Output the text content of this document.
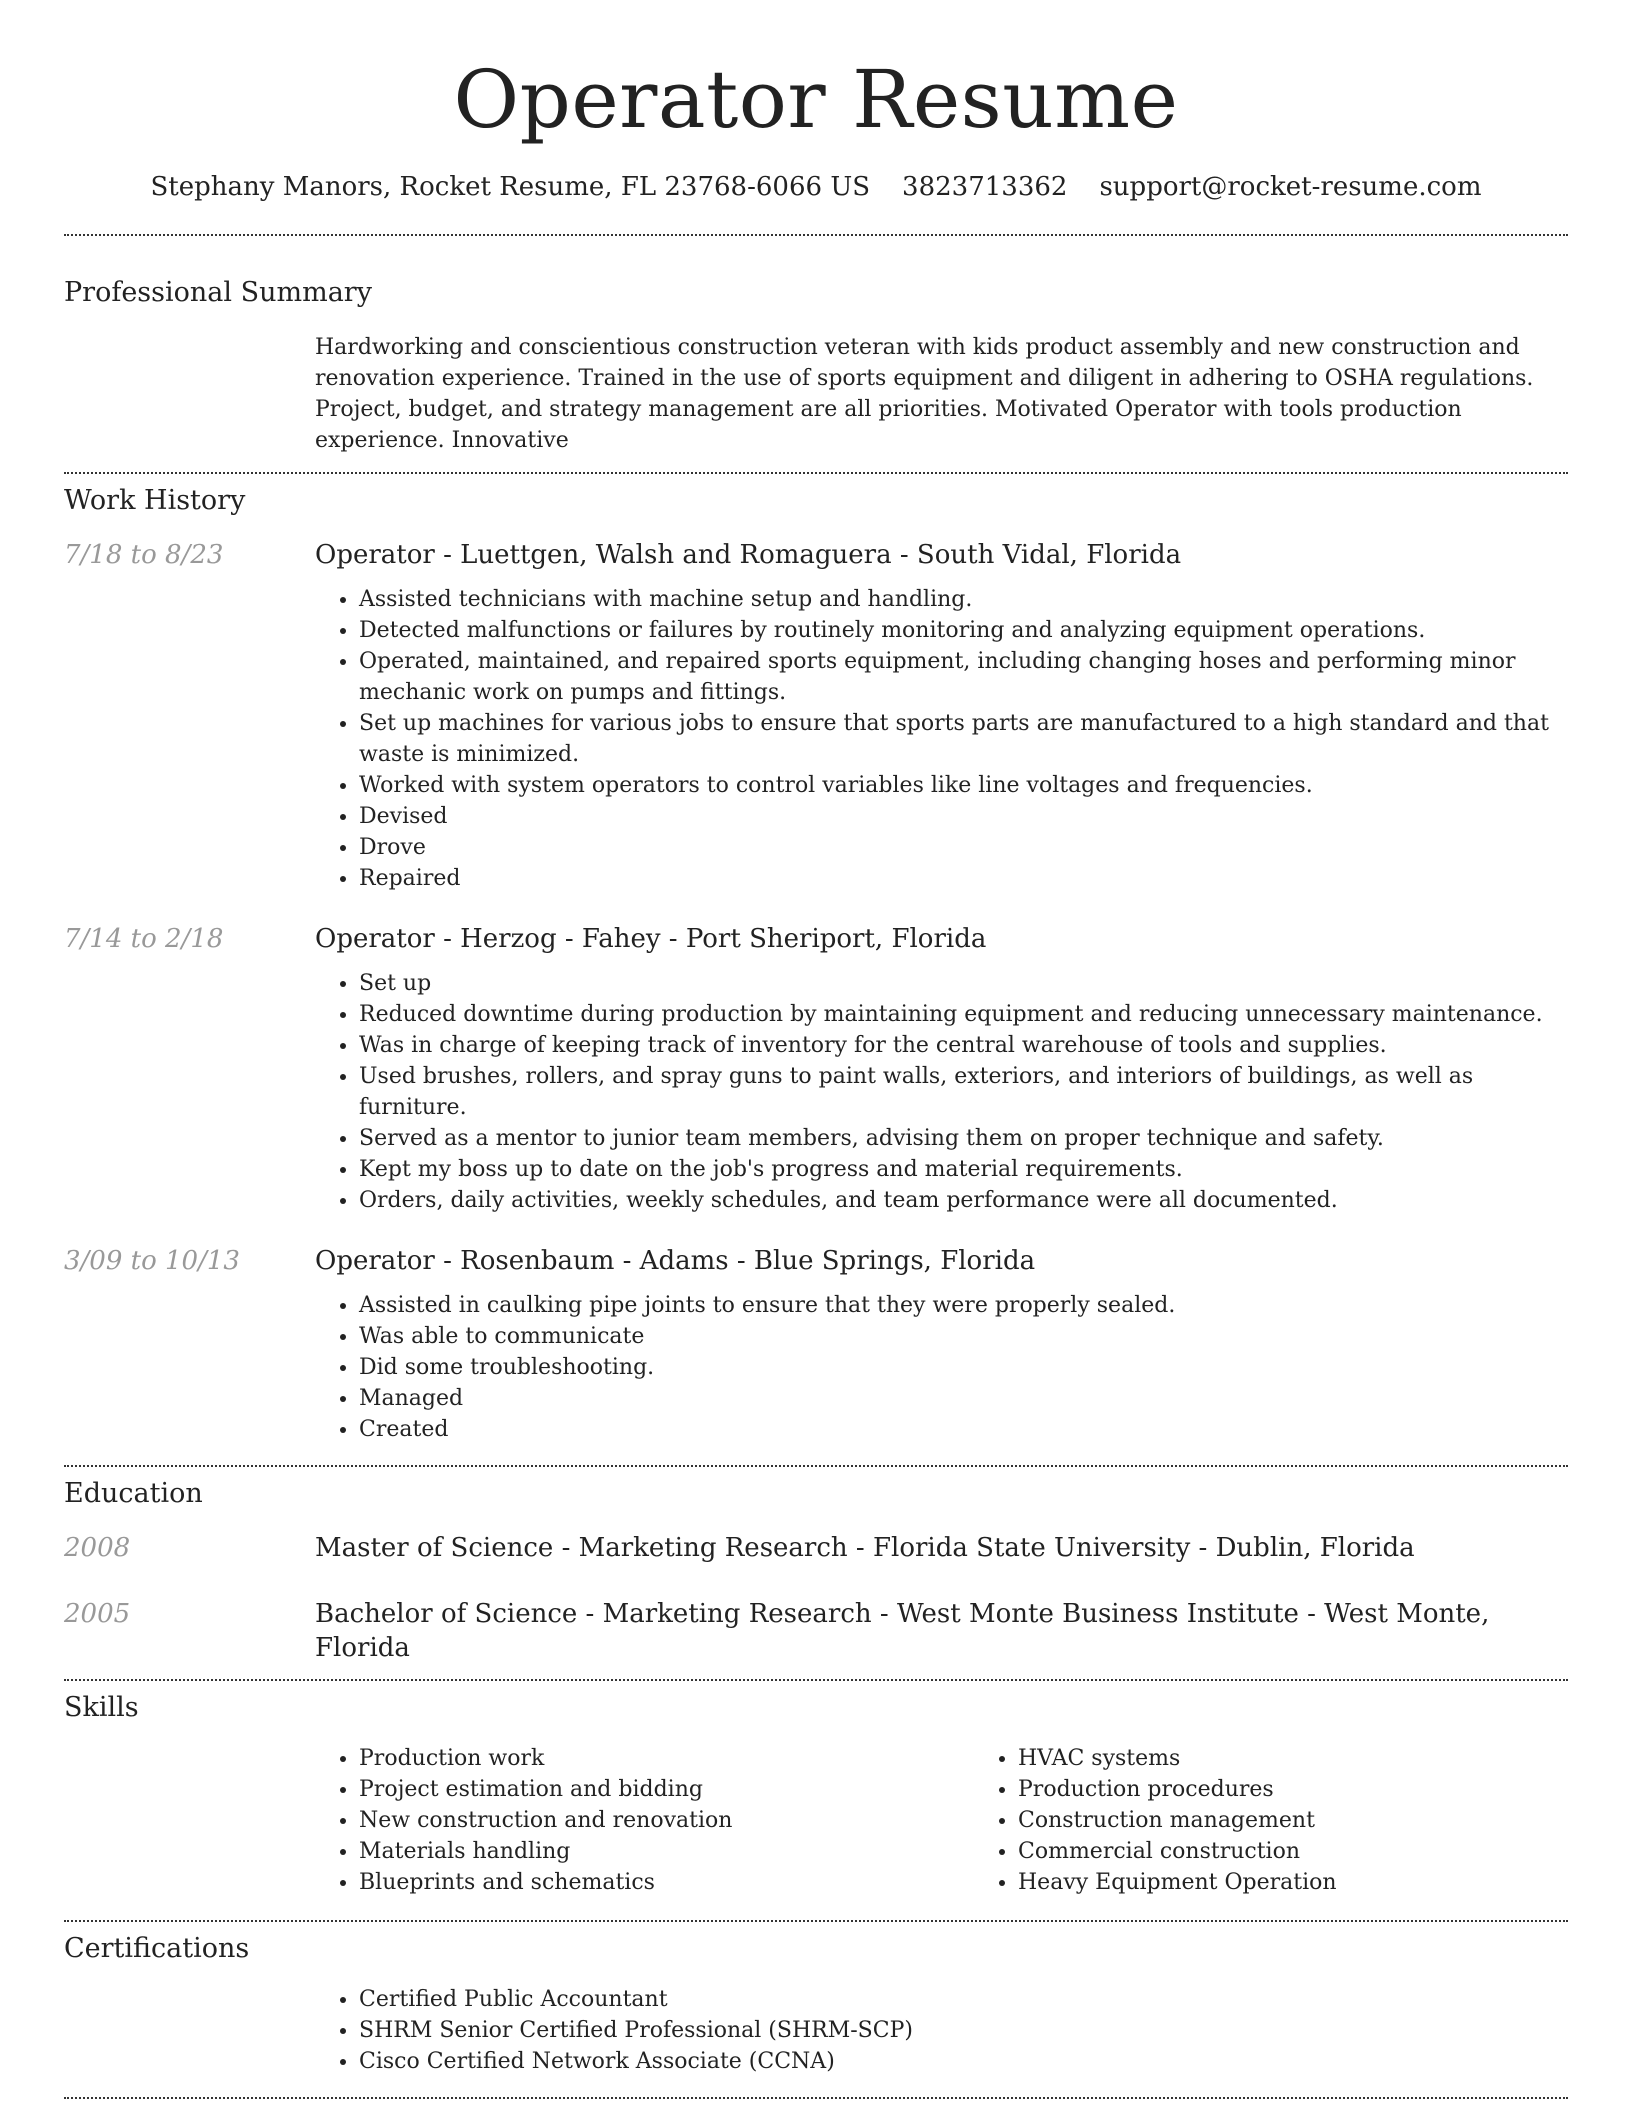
Operator Resume
Stephany Manors, Rocket Resume, FL 23768-6066 US 3823713362 support@rocket-resume.com
Professional Summary

Hardworking and conscientious construction veteran with kids product assembly and new construction and renovation experience. Trained in the use of sports equipment and diligent in adhering to OSHA regulations. Project, budget, and strategy management are all priorities. Motivated Operator with tools production experience. Innovative

Work History
7/18 to 8/23	Operator - Luettgen, Walsh and Romaguera - South Vidal, Florida

• Assisted technicians with machine setup and handling.
• Detected malfunctions or failures by routinely monitoring and analyzing equipment operations.
• Operated, maintained, and repaired sports equipment, including changing hoses and performing minor mechanic work on pumps and fittings.
• Set up machines for various jobs to ensure that sports parts are manufactured to a high standard and that waste is minimized.
• Worked with system operators to control variables like line voltages and frequencies.
• Devised
• Drove
• Repaired
7/14 to 2/18	Operator - Herzog - Fahey - Port Sheriport, Florida

• Set up
• Reduced downtime during production by maintaining equipment and reducing unnecessary maintenance.
• Was in charge of keeping track of inventory for the central warehouse of tools and supplies.
• Used brushes, rollers, and spray guns to paint walls, exteriors, and interiors of buildings, as well as furniture.
• Served as a mentor to junior team members, advising them on proper technique and safety.
• Kept my boss up to date on the job's progress and material requirements.
• Orders, daily activities, weekly schedules, and team performance were all documented.
3/09 to 10/13	Operator - Rosenbaum - Adams - Blue Springs, Florida

• Assisted in caulking pipe joints to ensure that they were properly sealed.
• Was able to communicate
• Did some troubleshooting.
• Managed
• Created
Education
2008	Master of Science - Marketing Research - Florida State University - Dublin, Florida

2005	Bachelor of Science - Marketing Research - West Monte Business Institute - West Monte, Florida

Skills
• Production work
• Project estimation and bidding
• New construction and renovation
• Materials handling
• Blueprints and schematics
• HVAC systems
• Production procedures
• Construction management
• Commercial construction
• Heavy Equipment Operation
Certifications
• Certified Public Accountant
• SHRM Senior Certified Professional (SHRM-SCP)
• Cisco Certified Network Associate (CCNA)
